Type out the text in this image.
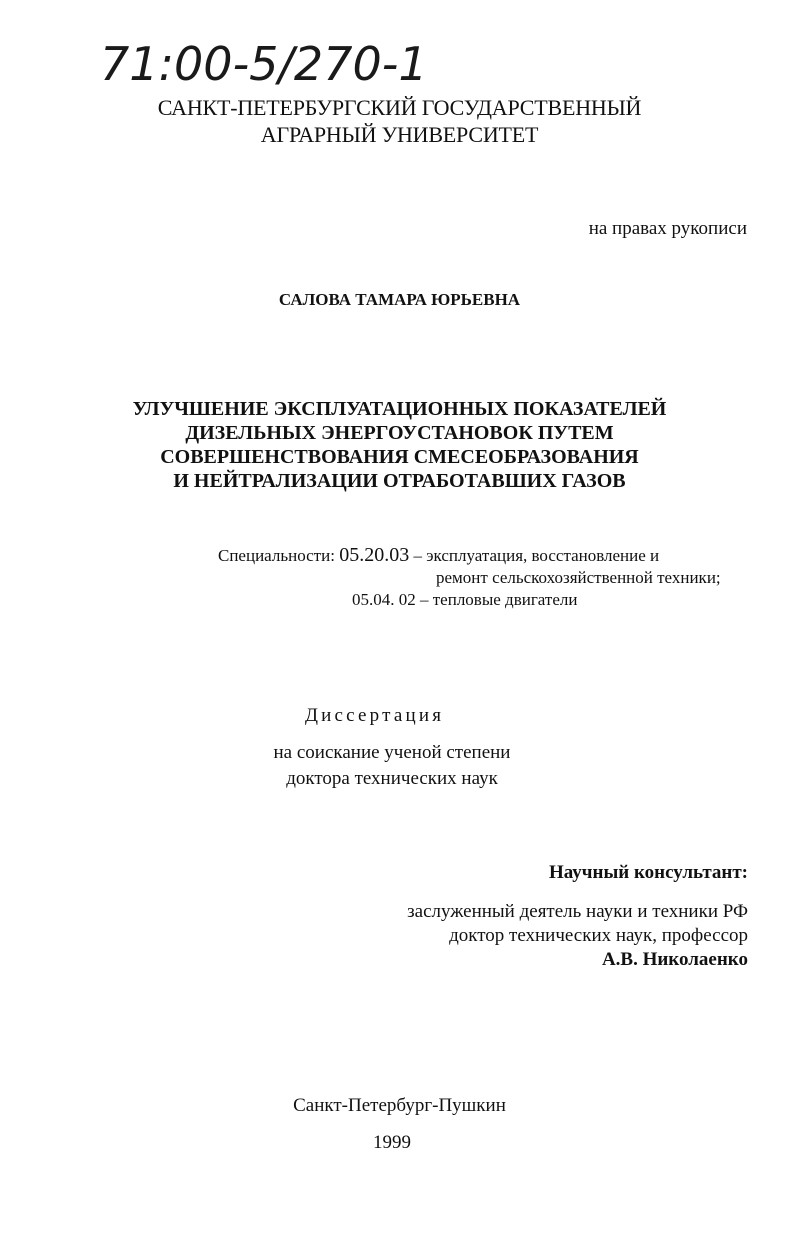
71:00-5/270-1
САНКТ-ПЕТЕРБУРГСКИЙ ГОСУДАРСТВЕННЫЙ
АГРАРНЫЙ УНИВЕРСИТЕТ
на правах рукописи
САЛОВА ТАМАРА ЮРЬЕВНА
УЛУЧШЕНИЕ ЭКСПЛУАТАЦИОННЫХ ПОКАЗАТЕЛЕЙ
ДИЗЕЛЬНЫХ ЭНЕРГОУСТАНОВОК ПУТЕМ
СОВЕРШЕНСТВОВАНИЯ СМЕСЕОБРАЗОВАНИЯ
И НЕЙТРАЛИЗАЦИИ ОТРАБОТАВШИХ ГАЗОВ
Специальности: 05.20.03 – эксплуатация, восстановление и
ремонт сельскохозяйственной техники;
05.04. 02 – тепловые двигатели
Диссертация
на соискание ученой степени
доктора технических наук
Научный консультант:
заслуженный деятель науки и техники РФ
доктор технических наук, профессор
А.В. Николаенко
Санкт-Петербург-Пушкин
1999
